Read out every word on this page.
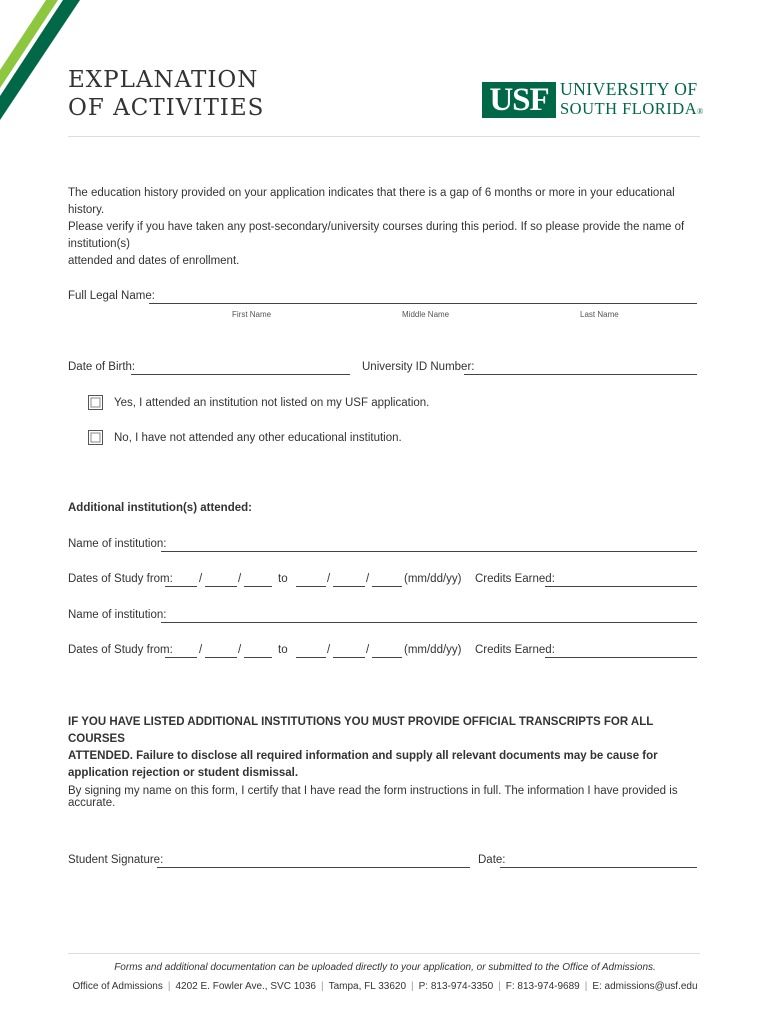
EXPLANATION
OF ACTIVITIES	USF UNIVERSITY OF
SOUTH FLORIDA®
The education history provided on your application indicates that there is a gap of 6 months or more in your educational history.
Please verify if you have taken any post-secondary/university courses during this period. If so please provide the name of institution(s)
attended and dates of enrollment.
Full Legal Name:
First Name	Middle Name	Last Name
Date of Birth:	University ID Number:
Yes, I attended an institution not listed on my USF application.
No, I have not attended any other educational institution.
Additional institution(s) attended:
Name of institution:
Dates of Study from: /	/	to	/	/	(mm/dd/yy) Credits Earned:
Name of institution:
Dates of Study from: /	/	to	/	/	(mm/dd/yy) Credits Earned:
IF YOU HAVE LISTED ADDITIONAL INSTITUTIONS YOU MUST PROVIDE OFFICIAL TRANSCRIPTS FOR ALL COURSES
ATTENDED. Failure to disclose all required information and supply all relevant documents may be cause for
application rejection or student dismissal.
By signing my name on this form, I certify that I have read the form instructions in full. The information I have provided is accurate.
Student Signature:	Date:
Forms and additional documentation can be uploaded directly to your application, or submitted to the Office of Admissions.
Office of Admissions | 4202 E. Fowler Ave., SVC 1036 | Tampa, FL 33620 | P: 813-974-3350 | F: 813-974-9689 | E: admissions@usf.edu
